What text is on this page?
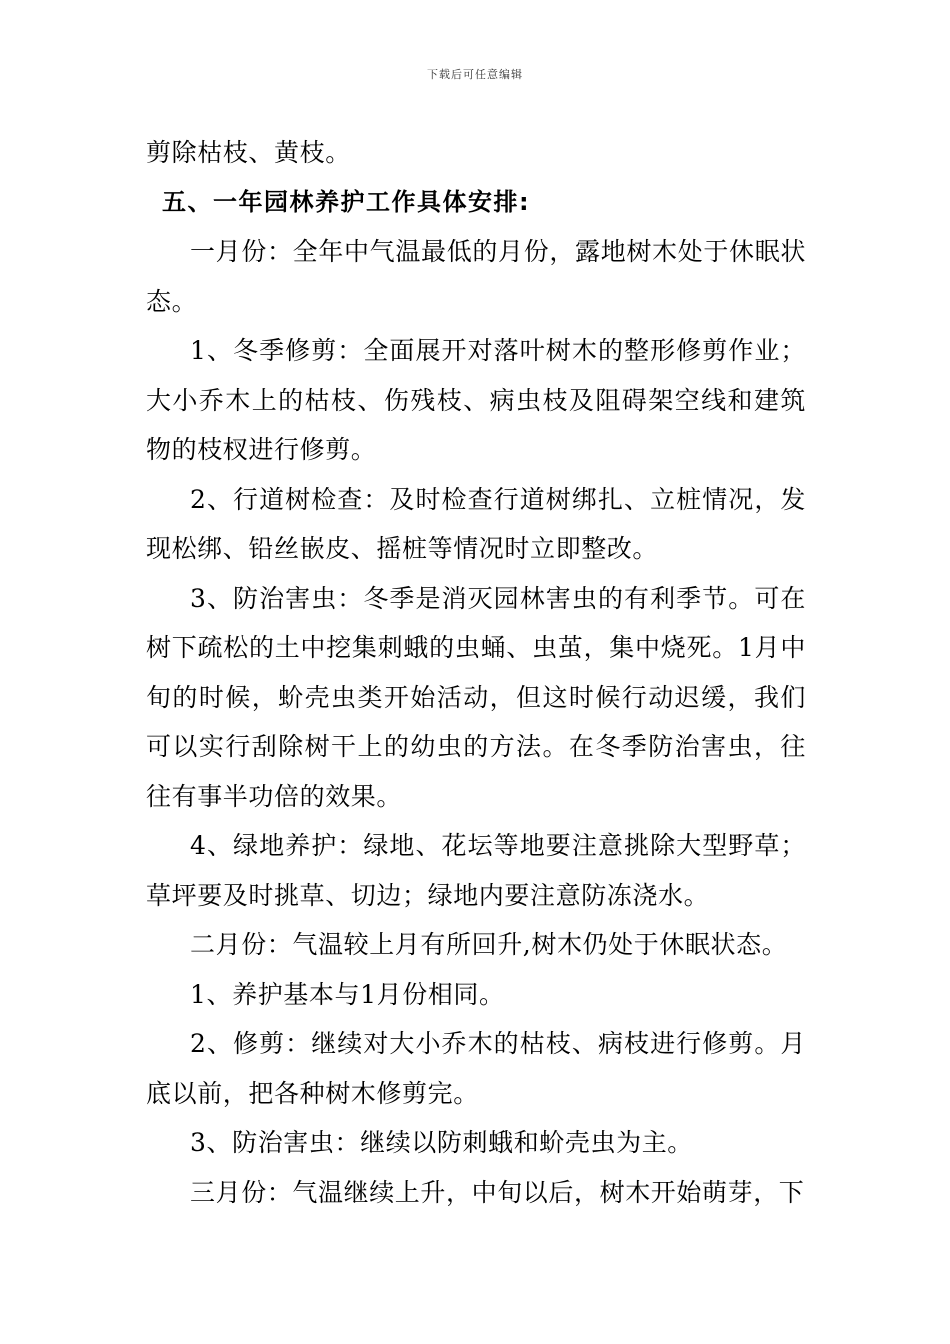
下载后可任意编辑

剪除枯枝、黄枝。

五、一年园林养护工作具体安排:

一月份：全年中气温最低的月份，露地树木处于休眠状态。

1、冬季修剪：全面展开对落叶树木的整形修剪作业；大小乔木上的枯枝、伤残枝、病虫枝及阻碍架空线和建筑物的枝杈进行修剪。

2、行道树检查：及时检查行道树绑扎、立桩情况，发现松绑、铅丝嵌皮、摇桩等情况时立即整改。

3、防治害虫：冬季是消灭园林害虫的有利季节。可在树下疏松的土中挖集刺蛾的虫蛹、虫茧，集中烧死。1月中旬的时候，蚧壳虫类开始活动，但这时候行动迟缓，我们可以实行刮除树干上的幼虫的方法。在冬季防治害虫，往往有事半功倍的效果。

4、绿地养护：绿地、花坛等地要注意挑除大型野草；草坪要及时挑草、切边；绿地内要注意防冻浇水。

二月份：气温较上月有所回升,树木仍处于休眠状态。

1、养护基本与1月份相同。

2、修剪：继续对大小乔木的枯枝、病枝进行修剪。月底以前，把各种树木修剪完。

3、防治害虫：继续以防刺蛾和蚧壳虫为主。

三月份：气温继续上升，中旬以后，树木开始萌芽，下
